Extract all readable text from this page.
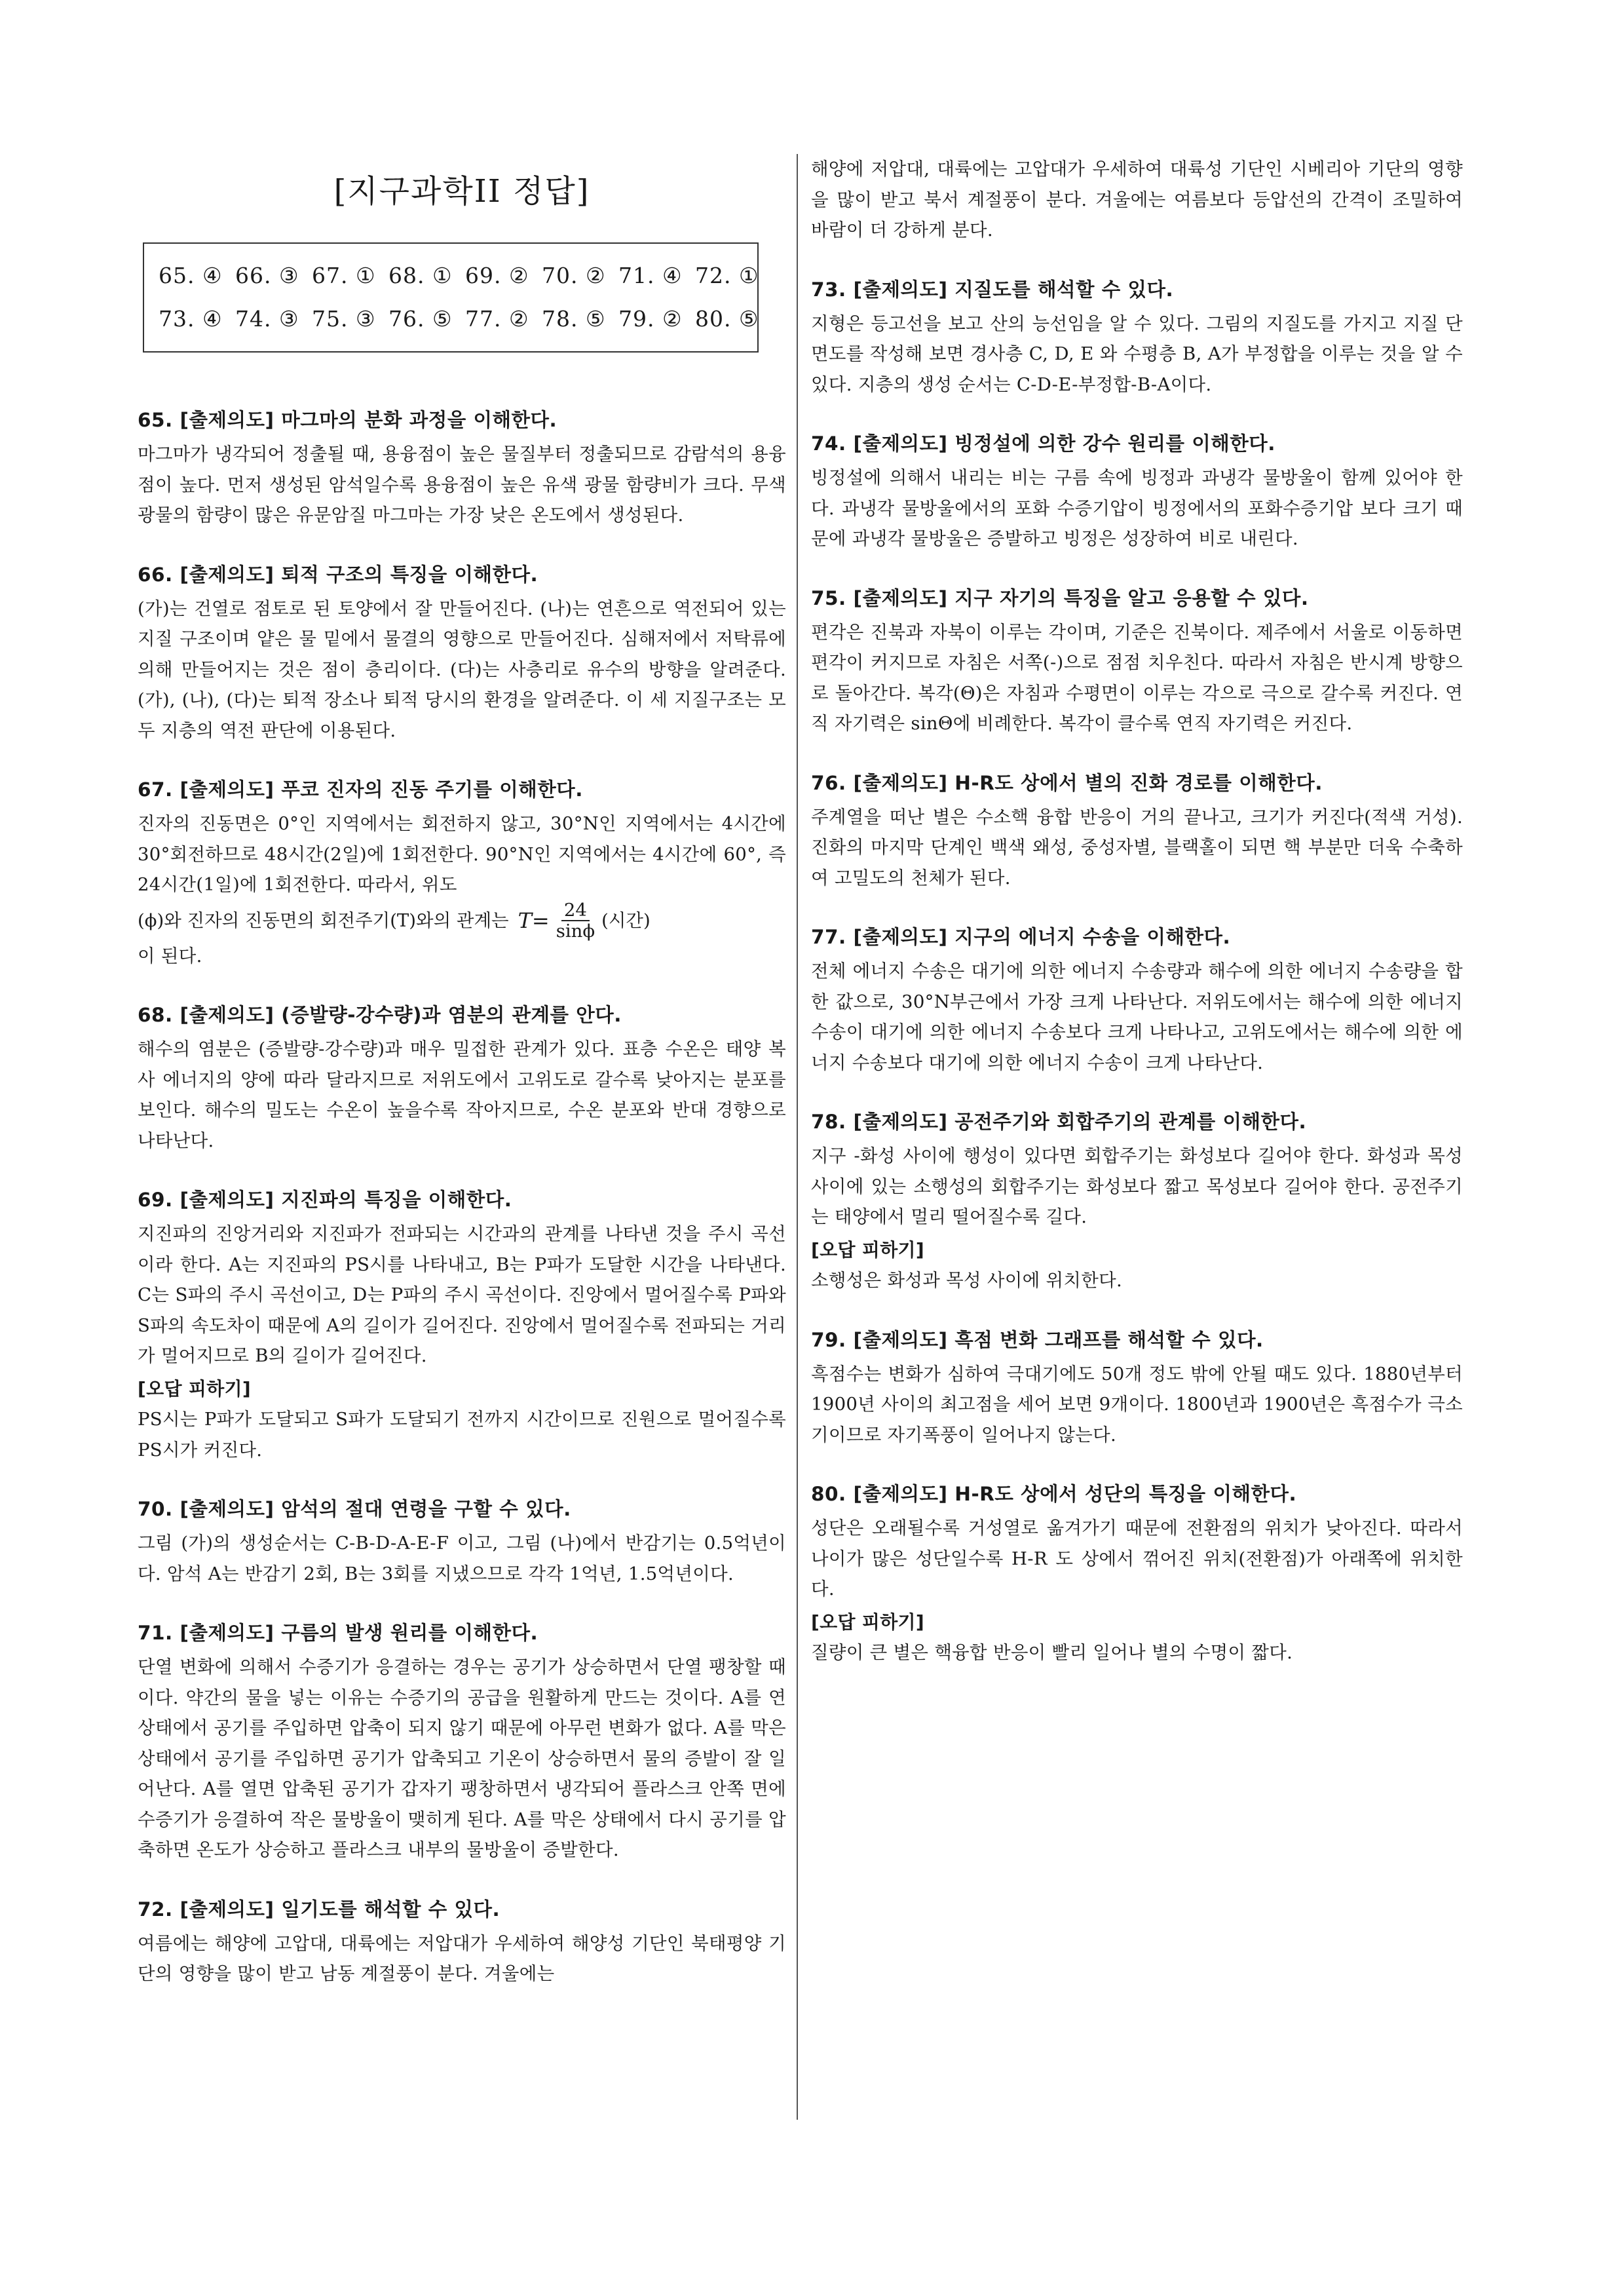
[지구과학II 정답]
65. ④ 66. ③ 67. ① 68. ① 69. ② 70. ② 71. ④ 72. ①
73. ④ 74. ③ 75. ③ 76. ⑤ 77. ② 78. ⑤ 79. ② 80. ⑤
65. [출제의도] 마그마의 분화 과정을 이해한다.

마그마가 냉각되어 정출될 때, 용융점이 높은 물질부터 정출되므로 감람석의 용융점이 높다. 먼저 생성된 암석일수록 용융점이 높은 유색 광물 함량비가 크다. 무색 광물의 함량이 많은 유문암질 마그마는 가장 낮은 온도에서 생성된다.

66. [출제의도] 퇴적 구조의 특징을 이해한다.

(가)는 건열로 점토로 된 토양에서 잘 만들어진다. (나)는 연흔으로 역전되어 있는 지질 구조이며 얕은 물 밑에서 물결의 영향으로 만들어진다. 심해저에서 저탁류에 의해 만들어지는 것은 점이 층리이다. (다)는 사층리로 유수의 방향을 알려준다. (가), (나), (다)는 퇴적 장소나 퇴적 당시의 환경을 알려준다. 이 세 지질구조는 모두 지층의 역전 판단에 이용된다.

67. [출제의도] 푸코 진자의 진동 주기를 이해한다.

진자의 진동면은 0°인 지역에서는 회전하지 않고, 30°N인 지역에서는 4시간에 30°회전하므로 48시간(2일)에 1회전한다. 90°N인 지역에서는 4시간에 60°, 즉 24시간(1일)에 1회전한다. 따라서, 위도

(ϕ)와 진자의 진동면의 회전주기(T)와의 관계는 $T= \frac{24}{\sin\phi}$ (시간)

이 된다.

68. [출제의도] (증발량-강수량)과 염분의 관계를 안다.

해수의 염분은 (증발량-강수량)과 매우 밀접한 관계가 있다. 표층 수온은 태양 복사 에너지의 양에 따라 달라지므로 저위도에서 고위도로 갈수록 낮아지는 분포를 보인다. 해수의 밀도는 수온이 높을수록 작아지므로, 수온 분포와 반대 경향으로 나타난다.

69. [출제의도] 지진파의 특징을 이해한다.

지진파의 진앙거리와 지진파가 전파되는 시간과의 관계를 나타낸 것을 주시 곡선이라 한다. A는 지진파의 PS시를 나타내고, B는 P파가 도달한 시간을 나타낸다. C는 S파의 주시 곡선이고, D는 P파의 주시 곡선이다. 진앙에서 멀어질수록 P파와 S파의 속도차이 때문에 A의 길이가 길어진다. 진앙에서 멀어질수록 전파되는 거리가 멀어지므로 B의 길이가 길어진다.

[오답 피하기]

PS시는 P파가 도달되고 S파가 도달되기 전까지 시간이므로 진원으로 멀어질수록 PS시가 커진다.

70. [출제의도] 암석의 절대 연령을 구할 수 있다.

그림 (가)의 생성순서는 C-B-D-A-E-F 이고, 그림 (나)에서 반감기는 0.5억년이다. 암석 A는 반감기 2회, B는 3회를 지냈으므로 각각 1억년, 1.5억년이다.

71. [출제의도] 구름의 발생 원리를 이해한다.

단열 변화에 의해서 수증기가 응결하는 경우는 공기가 상승하면서 단열 팽창할 때이다. 약간의 물을 넣는 이유는 수증기의 공급을 원활하게 만드는 것이다. A를 연 상태에서 공기를 주입하면 압축이 되지 않기 때문에 아무런 변화가 없다. A를 막은 상태에서 공기를 주입하면 공기가 압축되고 기온이 상승하면서 물의 증발이 잘 일어난다. A를 열면 압축된 공기가 갑자기 팽창하면서 냉각되어 플라스크 안쪽 면에 수증기가 응결하여 작은 물방울이 맺히게 된다. A를 막은 상태에서 다시 공기를 압축하면 온도가 상승하고 플라스크 내부의 물방울이 증발한다.

72. [출제의도] 일기도를 해석할 수 있다.

여름에는 해양에 고압대, 대륙에는 저압대가 우세하여 해양성 기단인 북태평양 기단의 영향을 많이 받고 남동 계절풍이 분다. 겨울에는

해양에 저압대, 대륙에는 고압대가 우세하여 대륙성 기단인 시베리아 기단의 영향을 많이 받고 북서 계절풍이 분다. 겨울에는 여름보다 등압선의 간격이 조밀하여 바람이 더 강하게 분다.

73. [출제의도] 지질도를 해석할 수 있다.

지형은 등고선을 보고 산의 능선임을 알 수 있다. 그림의 지질도를 가지고 지질 단면도를 작성해 보면 경사층 C, D, E 와 수평층 B, A가 부정합을 이루는 것을 알 수 있다. 지층의 생성 순서는 C-D-E-부정합-B-A이다.

74. [출제의도] 빙정설에 의한 강수 원리를 이해한다.

빙정설에 의해서 내리는 비는 구름 속에 빙정과 과냉각 물방울이 함께 있어야 한다. 과냉각 물방울에서의 포화 수증기압이 빙정에서의 포화수증기압 보다 크기 때문에 과냉각 물방울은 증발하고 빙정은 성장하여 비로 내린다.

75. [출제의도] 지구 자기의 특징을 알고 응용할 수 있다.

편각은 진북과 자북이 이루는 각이며, 기준은 진북이다. 제주에서 서울로 이동하면 편각이 커지므로 자침은 서쪽(-)으로 점점 치우친다. 따라서 자침은 반시계 방향으로 돌아간다. 복각(Θ)은 자침과 수평면이 이루는 각으로 극으로 갈수록 커진다. 연직 자기력은 sinΘ에 비례한다. 복각이 클수록 연직 자기력은 커진다.

76. [출제의도] H-R도 상에서 별의 진화 경로를 이해한다.

주계열을 떠난 별은 수소핵 융합 반응이 거의 끝나고, 크기가 커진다(적색 거성). 진화의 마지막 단계인 백색 왜성, 중성자별, 블랙홀이 되면 핵 부분만 더욱 수축하여 고밀도의 천체가 된다.

77. [출제의도] 지구의 에너지 수송을 이해한다.

전체 에너지 수송은 대기에 의한 에너지 수송량과 해수에 의한 에너지 수송량을 합한 값으로, 30°N부근에서 가장 크게 나타난다. 저위도에서는 해수에 의한 에너지 수송이 대기에 의한 에너지 수송보다 크게 나타나고, 고위도에서는 해수에 의한 에너지 수송보다 대기에 의한 에너지 수송이 크게 나타난다.

78. [출제의도] 공전주기와 회합주기의 관계를 이해한다.

지구 -화성 사이에 행성이 있다면 회합주기는 화성보다 길어야 한다. 화성과 목성 사이에 있는 소행성의 회합주기는 화성보다 짧고 목성보다 길어야 한다. 공전주기는 태양에서 멀리 떨어질수록 길다.

[오답 피하기]

소행성은 화성과 목성 사이에 위치한다.

79. [출제의도] 흑점 변화 그래프를 해석할 수 있다.

흑점수는 변화가 심하여 극대기에도 50개 정도 밖에 안될 때도 있다. 1880년부터 1900년 사이의 최고점을 세어 보면 9개이다. 1800년과 1900년은 흑점수가 극소기이므로 자기폭풍이 일어나지 않는다.

80. [출제의도] H-R도 상에서 성단의 특징을 이해한다.

성단은 오래될수록 거성열로 옮겨가기 때문에 전환점의 위치가 낮아진다. 따라서 나이가 많은 성단일수록 H-R 도 상에서 꺾어진 위치(전환점)가 아래쪽에 위치한다.

[오답 피하기]

질량이 큰 별은 핵융합 반응이 빨리 일어나 별의 수명이 짧다.
